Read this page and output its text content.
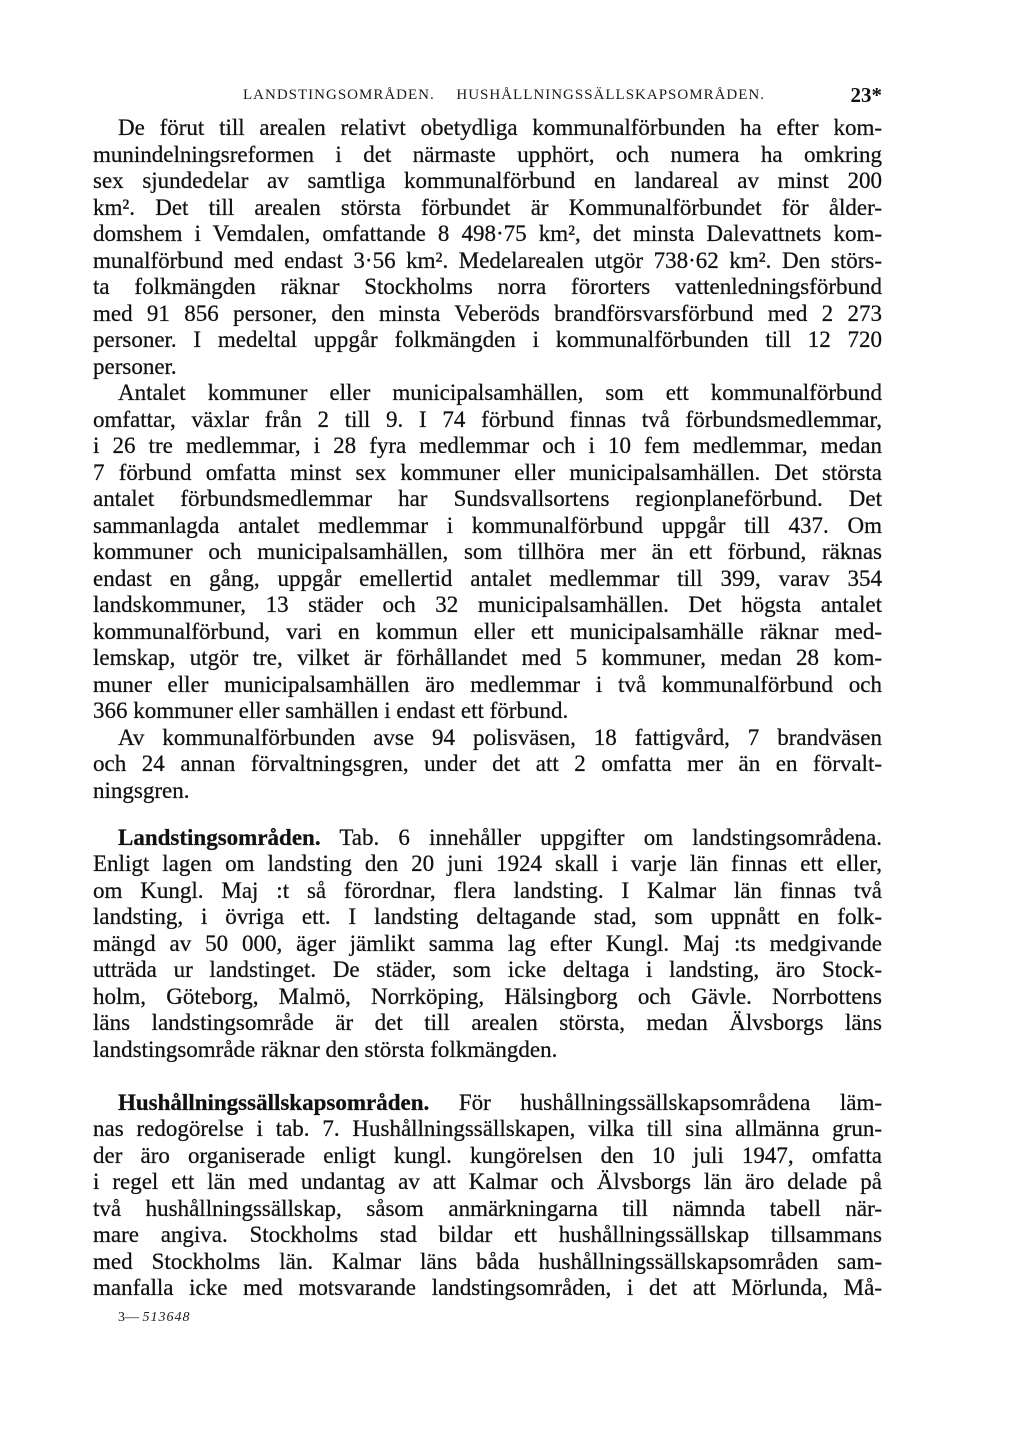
LANDSTINGSOMRÅDEN. HUSHÅLLNINGSSÄLLSKAPSOMRÅDEN.	23*
De förut till arealen relativt obetydliga kommunalförbunden ha efter kom-
munindelningsreformen i det närmaste upphört, och numera ha omkring
sex sjundedelar av samtliga kommunalförbund en landareal av minst 200
km². Det till arealen största förbundet är Kommunalförbundet för ålder-
domshem i Vemdalen, omfattande 8 498·75 km², det minsta Dalevattnets kom-
munalförbund med endast 3·56 km². Medelarealen utgör 738·62 km². Den störs-
ta folkmängden räknar Stockholms norra förorters vattenledningsförbund
med 91 856 personer, den minsta Veberöds brandförsvarsförbund med 2 273
personer. I medeltal uppgår folkmängden i kommunalförbunden till 12 720
personer.
Antalet kommuner eller municipalsamhällen, som ett kommunalförbund
omfattar, växlar från 2 till 9. I 74 förbund finnas två förbundsmedlemmar,
i 26 tre medlemmar, i 28 fyra medlemmar och i 10 fem medlemmar, medan
7 förbund omfatta minst sex kommuner eller municipalsamhällen. Det största
antalet förbundsmedlemmar har Sundsvallsortens regionplaneförbund. Det
sammanlagda antalet medlemmar i kommunalförbund uppgår till 437. Om
kommuner och municipalsamhällen, som tillhöra mer än ett förbund, räknas
endast en gång, uppgår emellertid antalet medlemmar till 399, varav 354
landskommuner, 13 städer och 32 municipalsamhällen. Det högsta antalet
kommunalförbund, vari en kommun eller ett municipalsamhälle räknar med-
lemskap, utgör tre, vilket är förhållandet med 5 kommuner, medan 28 kom-
muner eller municipalsamhällen äro medlemmar i två kommunalförbund och
366 kommuner eller samhällen i endast ett förbund.
Av kommunalförbunden avse 94 polisväsen, 18 fattigvård, 7 brandväsen
och 24 annan förvaltningsgren, under det att 2 omfatta mer än en förvalt-
ningsgren.
Landstingsområden. Tab. 6 innehåller uppgifter om landstingsområdena.
Enligt lagen om landsting den 20 juni 1924 skall i varje län finnas ett eller,
om Kungl. Maj :t så förordnar, flera landsting. I Kalmar län finnas två
landsting, i övriga ett. I landsting deltagande stad, som uppnått en folk-
mängd av 50 000, äger jämlikt samma lag efter Kungl. Maj :ts medgivande
utträda ur landstinget. De städer, som icke deltaga i landsting, äro Stock-
holm, Göteborg, Malmö, Norrköping, Hälsingborg och Gävle. Norrbottens
läns landstingsområde är det till arealen största, medan Älvsborgs läns
landstingsområde räknar den största folkmängden.
Hushållningssällskapsområden. För hushållningssällskapsområdena läm-
nas redogörelse i tab. 7. Hushållningssällskapen, vilka till sina allmänna grun-
der äro organiserade enligt kungl. kungörelsen den 10 juli 1947, omfatta
i regel ett län med undantag av att Kalmar och Älvsborgs län äro delade på
två hushållningssällskap, såsom anmärkningarna till nämnda tabell när-
mare angiva. Stockholms stad bildar ett hushållningssällskap tillsammans
med Stockholms län. Kalmar läns båda hushållningssällskapsområden sam-
manfalla icke med motsvarande landstingsområden, i det att Mörlunda, Må-
3— 513648
